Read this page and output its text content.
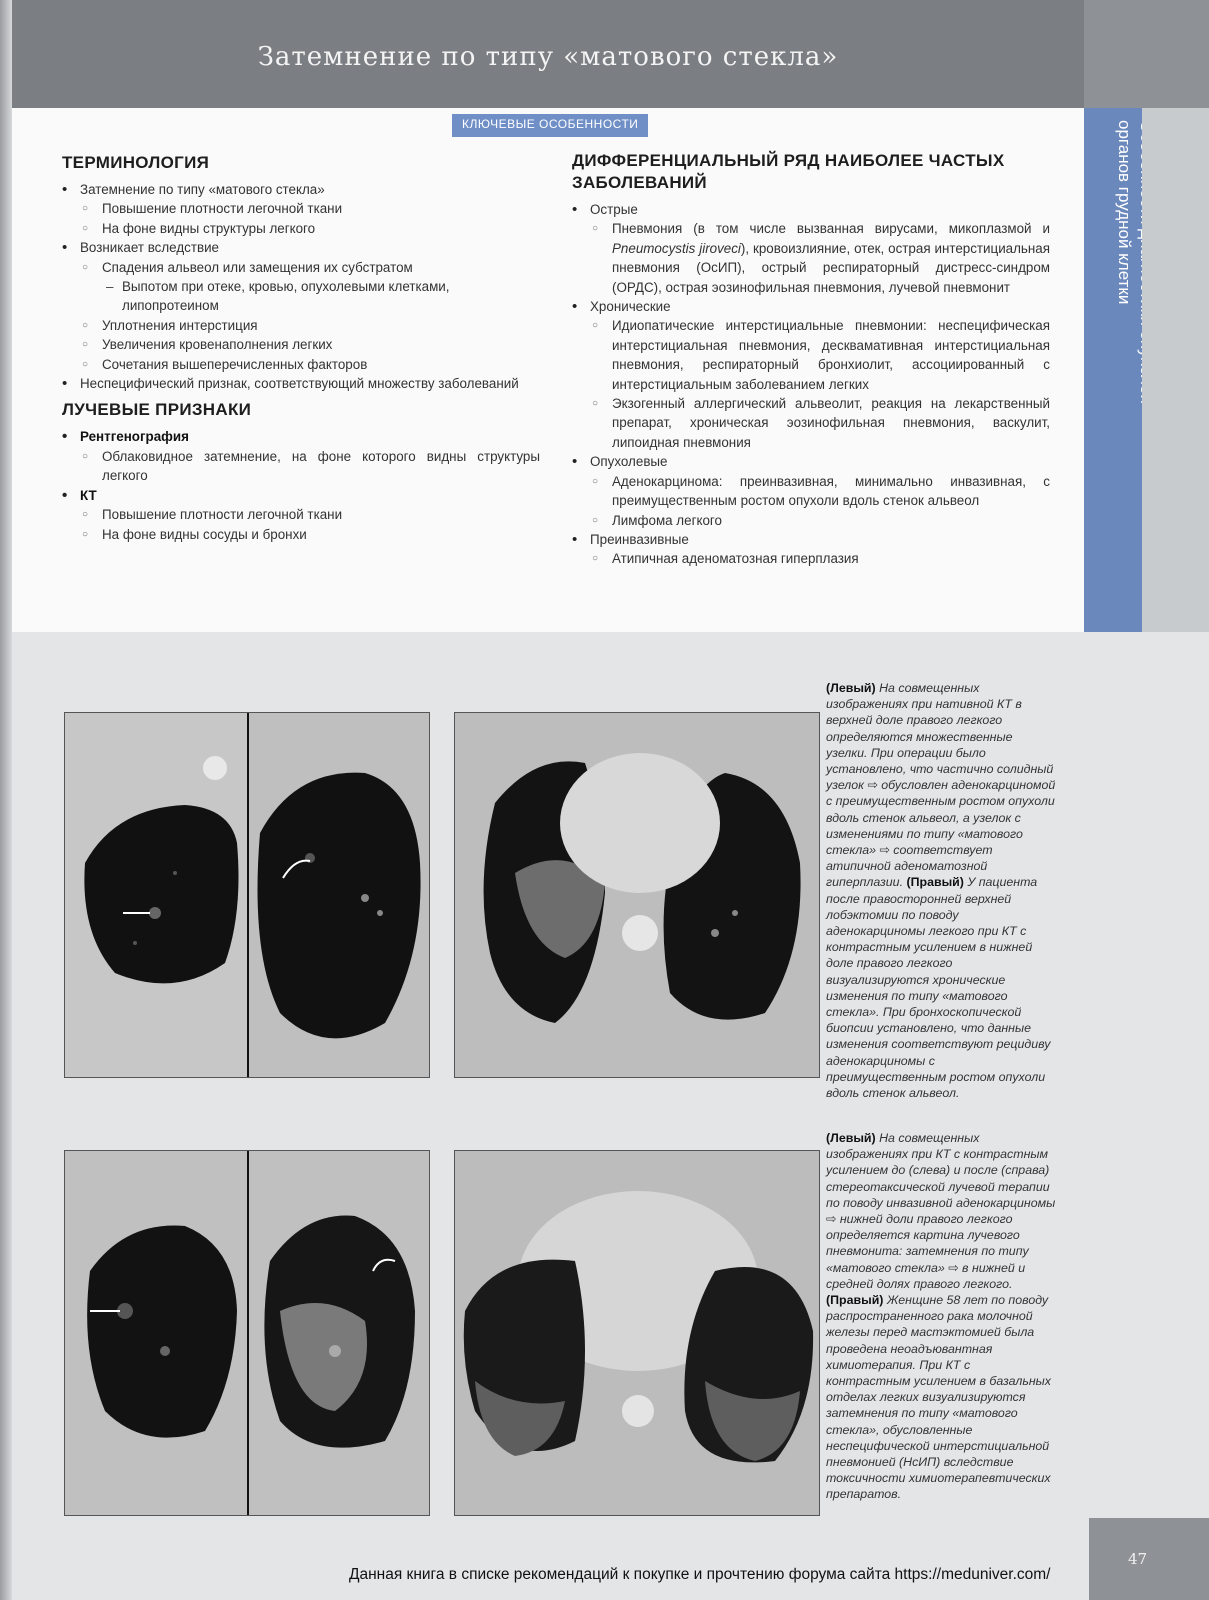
Затемнение по типу «матового стекла»

органов грудной клетки
КЛЮЧЕВЫЕ ОСОБЕННОСТИ
ТЕРМИНОЛОГИЯ
• Затемнение по типу «матового стекла»
○ Повышение плотности легочной ткани
○ На фоне видны структуры легкого
• Возникает вследствие
○ Спадения альвеол или замещения их субстратом
– Выпотом при отеке, кровью, опухолевыми клетками, липопротеином
○ Уплотнения интерстиция
○ Увеличения кровенаполнения легких
○ Сочетания вышеперечисленных факторов
• Неспецифический признак, соответствующий множеству заболеваний
ЛУЧЕВЫЕ ПРИЗНАКИ
• Рентгенография
○ Облаковидное затемнение, на фоне которого видны структуры легкого
• КТ
○ Повышение плотности легочной ткани
○ На фоне видны сосуды и бронхи
ДИФФЕРЕНЦИАЛЬНЫЙ РЯД НАИБОЛЕЕ ЧАСТЫХ ЗАБОЛЕВАНИЙ
• Острые
○ Пневмония (в том числе вызванная вирусами, микоплазмой и Pneumocystis jiroveci), кровоизлияние, отек, острая интерстициальная пневмония (ОсИП), острый респираторный дистресс-синдром (ОРДС), острая эозинофильная пневмония, лучевой пневмонит
• Хронические
○ Идиопатические интерстициальные пневмонии: неспецифическая интерстициальная пневмония, десквамативная интерстициальная пневмония, респираторный бронхиолит, ассоциированный с интерстициальным заболеванием легких
○ Экзогенный аллергический альвеолит, реакция на лекарственный препарат, хроническая эозинофильная пневмония, васкулит, липоидная пневмония
• Опухолевые
○ Аденокарцинома: преинвазивная, минимально инвазивная, с преимущественным ростом опухоли вдоль стенок альвеол
○ Лимфома легкого
• Преинвазивные
○ Атипичная аденоматозная гиперплазия
(Левый) На совмещенных изображениях при нативной КТ в верхней доле правого легкого определяются множественные узелки. При операции было установлено, что частично солидный узелок ⇨ обусловлен аденокарциномой с преимущественным ростом опухоли вдоль стенок альвеол, а узелок с изменениями по типу «матового стекла» ⇨ соответствует атипичной аденоматозной гиперплазии. (Правый) У пациента после правосторонней верхней лобэктомии по поводу аденокарциномы легкого при КТ с контрастным усилением в нижней доле правого легкого визуализируются хронические изменения по типу «матового стекла». При бронхоскопической биопсии установлено, что данные изменения соответствуют рецидиву аденокарциномы с преимущественным ростом опухоли вдоль стенок альвеол.
(Левый) На совмещенных изображениях при КТ с контрастным усилением до (слева) и после (справа) стереотаксической лучевой терапии по поводу инвазивной аденокарциномы ⇨ нижней доли правого легкого определяется картина лучевого пневмонита: затемнения по типу «матового стекла» ⇨ в нижней и средней долях правого легкого. (Правый) Женщине 58 лет по поводу распространенного рака молочной железы перед мастэктомией была проведена неоадъювантная химиотерапия. При КТ с контрастным усилением в базальных отделах легких визуализируются затемнения по типу «матового стекла», обусловленные неспецифической интерстициальной пневмонией (НсИП) вследствие токсичности химиотерапевтических препаратов.
47
Данная книга в списке рекомендаций к покупке и прочтению форума сайта https://meduniver.com/
